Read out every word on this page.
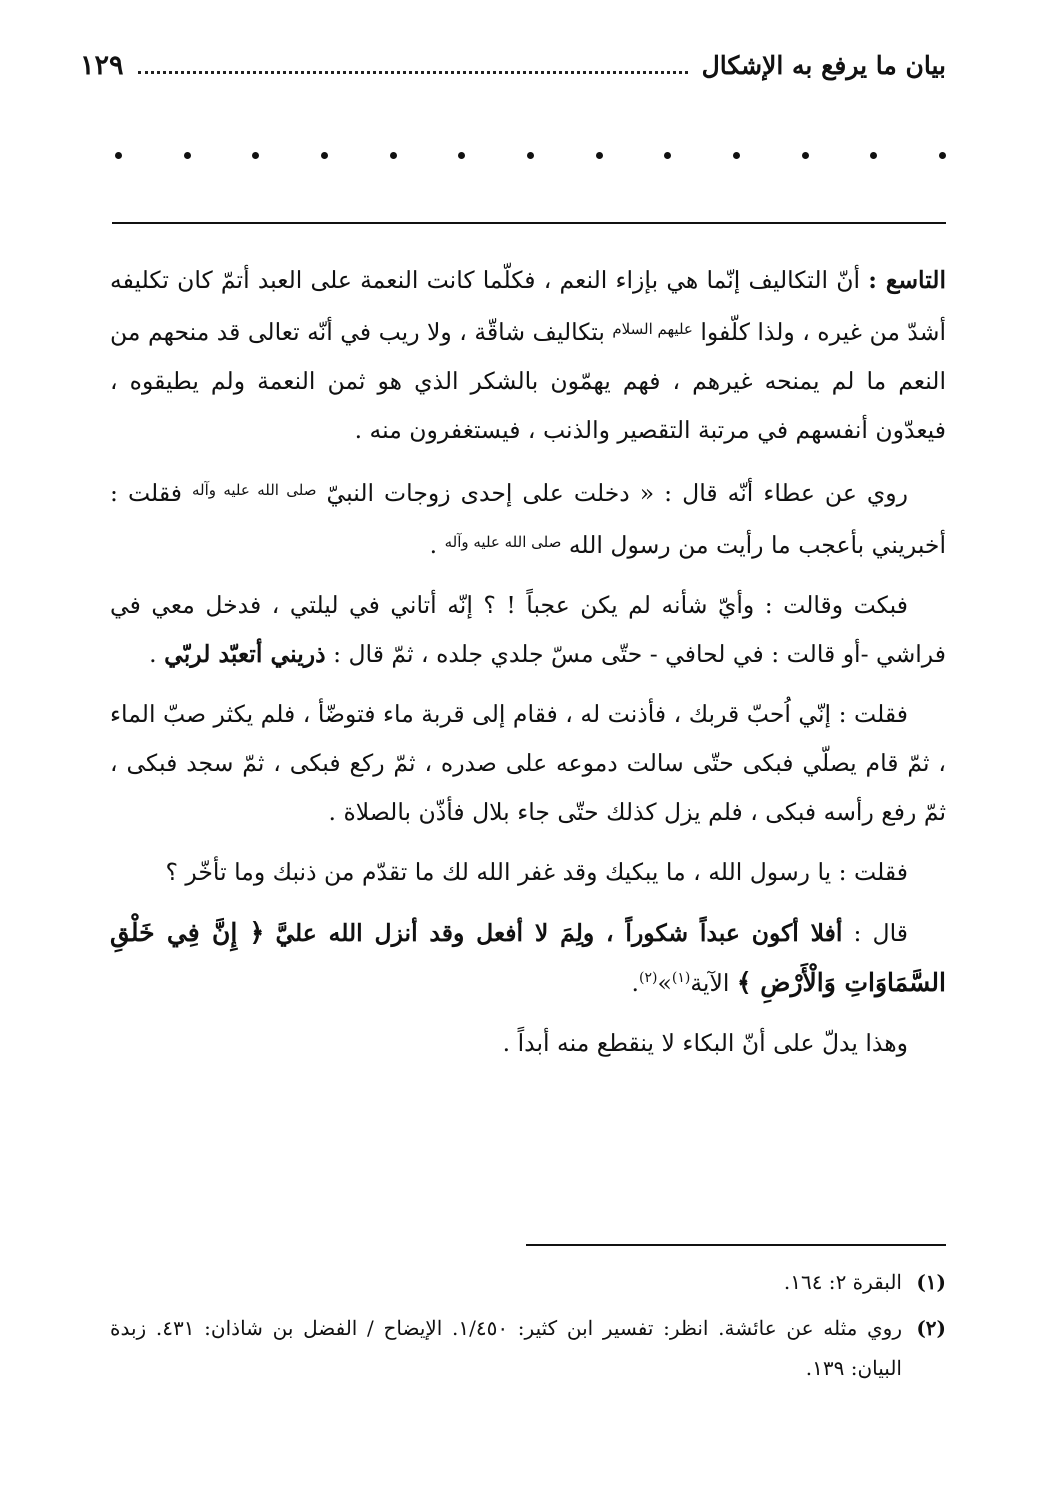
بيان ما يرفع به الإشكال
١٢٩

التاسع : أنّ التكاليف إنّما هي بإزاء النعم ، فكلّما كانت النعمة على العبد أتمّ كان تكليفه أشدّ من غيره ، ولذا كلّفوا $^{عليهم السلام}$ بتكاليف شاقّة ، ولا ريب في أنّه تعالى قد منحهم من النعم ما لم يمنحه غيرهم ، فهم يهمّون بالشكر الذي هو ثمن النعمة ولم يطيقوه ، فيعدّون أنفسهم في مرتبة التقصير والذنب ، فيستغفرون منه .

روي عن عطاء أنّه قال : « دخلت على إحدى زوجات النبيّ $^{صلى الله عليه وآله}$ فقلت : أخبريني بأعجب ما رأيت من رسول الله $^{صلى الله عليه وآله}$ .

فبكت وقالت : وأيّ شأنه لم يكن عجباً ! ؟ إنّه أتاني في ليلتي ، فدخل معي في فراشي -أو قالت : في لحافي - حتّى مسّ جلدي جلده ، ثمّ قال : ذريني أتعبّد لربّي .

فقلت : إنّي اُحبّ قربك ، فأذنت له ، فقام إلى قربة ماء فتوضّأ ، فلم يكثر صبّ الماء ، ثمّ قام يصلّي فبكى حتّى سالت دموعه على صدره ، ثمّ ركع فبكى ، ثمّ سجد فبكى ، ثمّ رفع رأسه فبكى ، فلم يزل كذلك حتّى جاء بلال فأذّن بالصلاة .

فقلت : يا رسول الله ، ما يبكيك وقد غفر الله لك ما تقدّم من ذنبك وما تأخّر ؟

قال : أفلا أكون عبداً شكوراً ، ولِمَ لا أفعل وقد أنزل الله عليَّ ﴿ إِنَّ فِي خَلْقِ السَّمَاوَاتِ وَالْأَرْضِ ﴾ الآية$^{(١)}$»$^{(٢)}$.

وهذا يدلّ على أنّ البكاء لا ينقطع منه أبداً .

(١)
البقرة ٢: ١٦٤.
(٢)
روي مثله عن عائشة. انظر: تفسير ابن كثير: ١/٤٥٠. الإيضاح / الفضل بن شاذان: ٤٣١. زبدة البيان: ١٣٩.
